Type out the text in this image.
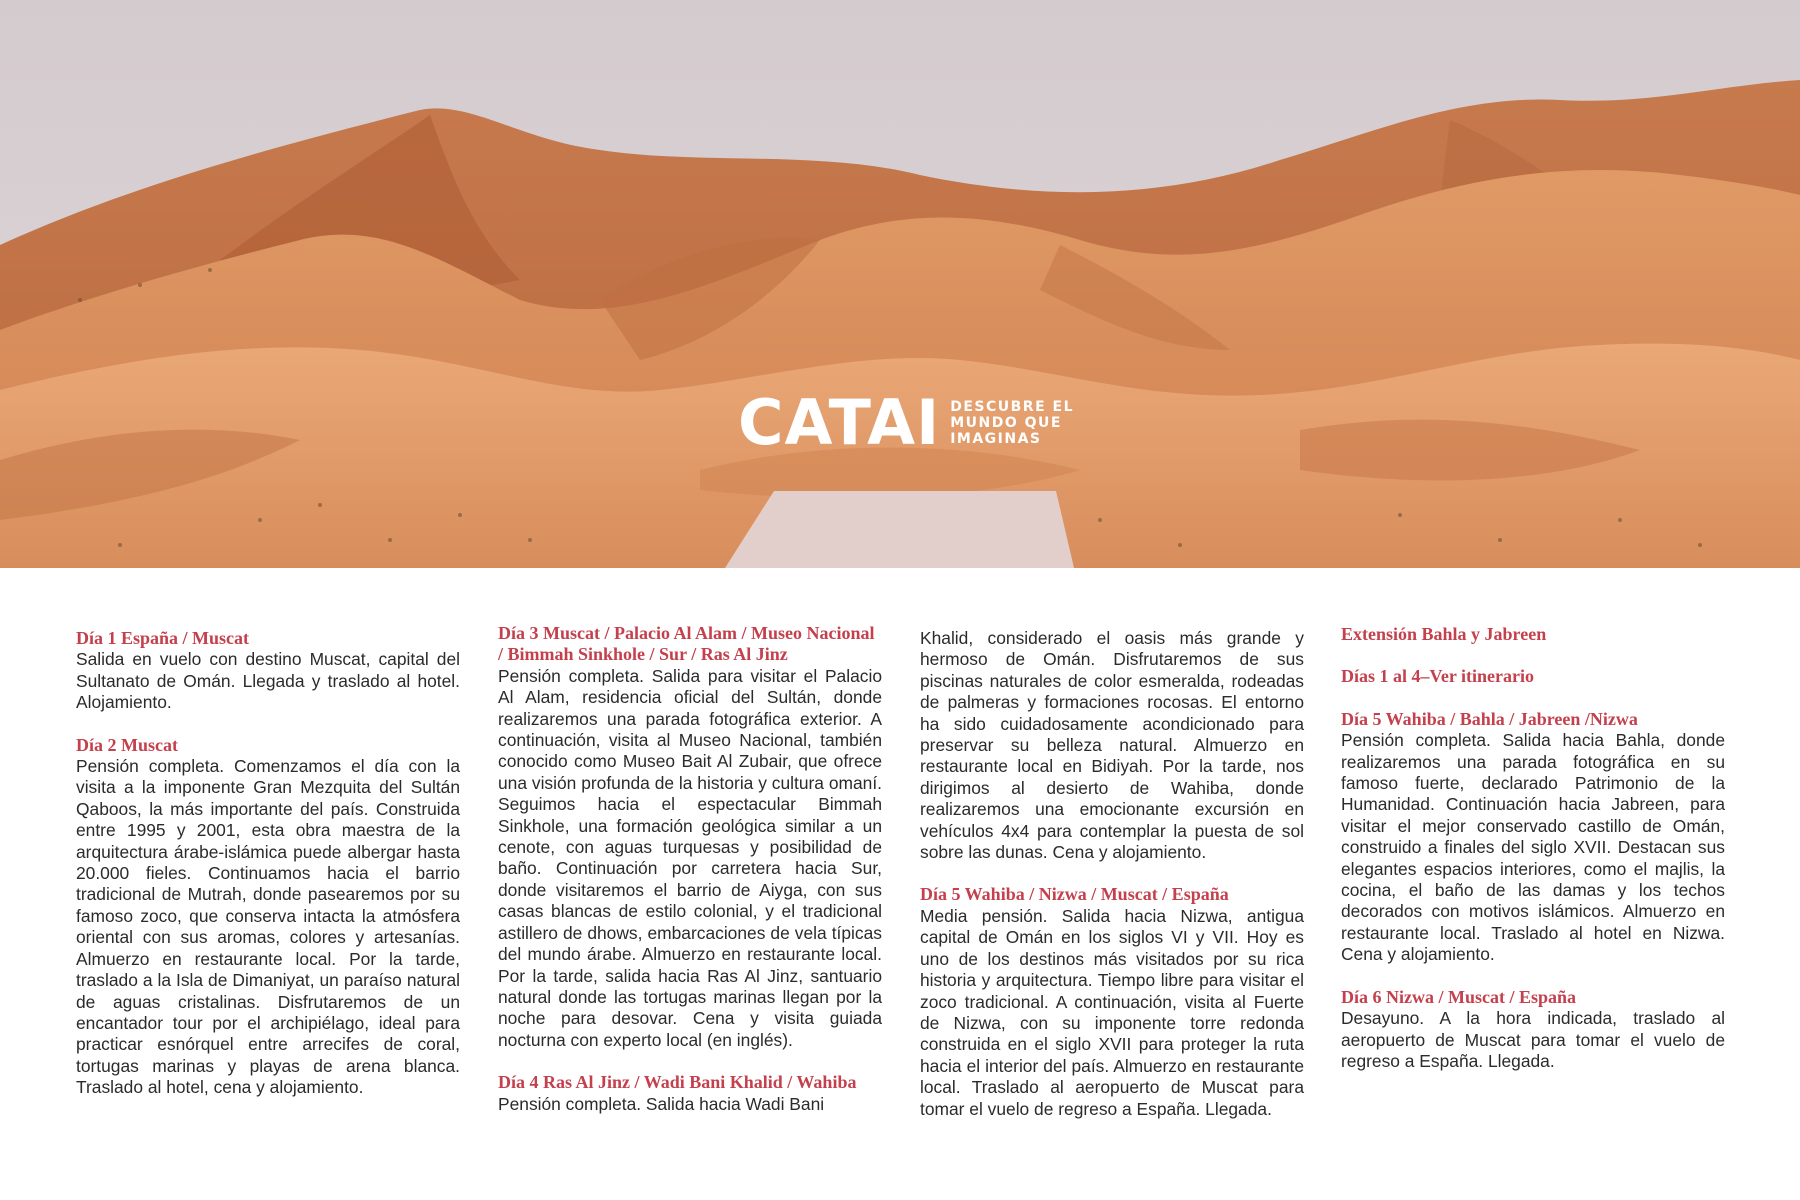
CATAI DESCUBRE EL
MUNDO QUE
IMAGINAS
Día 1 España / Muscat
Salida en vuelo con destino Muscat, capital del Sultanato de Omán. Llegada y traslado al hotel. Alojamiento.
Día 2 Muscat
Pensión completa. Comenzamos el día con la visita a la imponente Gran Mezquita del Sultán Qaboos, la más importante del país. Construida entre 1995 y 2001, esta obra maestra de la arquitectura árabe-islámica puede albergar hasta 20.000 fieles. Continuamos hacia el barrio tradicional de Mutrah, donde pasearemos por su famoso zoco, que conserva intacta la atmósfera oriental con sus aromas, colores y artesanías. Almuerzo en restaurante local. Por la tarde, traslado a la Isla de Dimaniyat, un paraíso natural de aguas cristalinas. Disfrutaremos de un encantador tour por el archipiélago, ideal para practicar esnórquel entre arrecifes de coral, tortugas marinas y playas de arena blanca. Traslado al hotel, cena y alojamiento.
Día 3 Muscat / Palacio Al Alam / Museo Nacional / Bimmah Sinkhole / Sur / Ras Al Jinz
Pensión completa. Salida para visitar el Palacio Al Alam, residencia oficial del Sultán, donde realizaremos una parada fotográfica exterior. A continuación, visita al Museo Nacional, también conocido como Museo Bait Al Zubair, que ofrece una visión profunda de la historia y cultura omaní. Seguimos hacia el espectacular Bimmah Sinkhole, una formación geológica similar a un cenote, con aguas turquesas y posibilidad de baño. Continuación por carretera hacia Sur, donde visitaremos el barrio de Aiyga, con sus casas blancas de estilo colonial, y el tradicional astillero de dhows, embarcaciones de vela típicas del mundo árabe. Almuerzo en restaurante local. Por la tarde, salida hacia Ras Al Jinz, santuario natural donde las tortugas marinas llegan por la noche para desovar. Cena y visita guiada nocturna con experto local (en inglés).
Día 4 Ras Al Jinz / Wadi Bani Khalid / Wahiba
Pensión completa. Salida hacia Wadi Bani
Khalid, considerado el oasis más grande y hermoso de Omán. Disfrutaremos de sus piscinas naturales de color esmeralda, rodeadas de palmeras y formaciones rocosas. El entorno ha sido cuidadosamente acondicionado para preservar su belleza natural. Almuerzo en restaurante local en Bidiyah. Por la tarde, nos dirigimos al desierto de Wahiba, donde realizaremos una emocionante excursión en vehículos 4x4 para contemplar la puesta de sol sobre las dunas. Cena y alojamiento.
Día 5 Wahiba / Nizwa / Muscat / España
Media pensión. Salida hacia Nizwa, antigua capital de Omán en los siglos VI y VII. Hoy es uno de los destinos más visitados por su rica historia y arquitectura. Tiempo libre para visitar el zoco tradicional. A continuación, visita al Fuerte de Nizwa, con su imponente torre redonda construida en el siglo XVII para proteger la ruta hacia el interior del país. Almuerzo en restaurante local. Traslado al aeropuerto de Muscat para tomar el vuelo de regreso a España. Llegada.
Extensión Bahla y Jabreen
Días 1 al 4–Ver itinerario
Día 5 Wahiba / Bahla / Jabreen /Nizwa
Pensión completa. Salida hacia Bahla, donde realizaremos una parada fotográfica en su famoso fuerte, declarado Patrimonio de la Humanidad. Continuación hacia Jabreen, para visitar el mejor conservado castillo de Omán, construido a finales del siglo XVII. Destacan sus elegantes espacios interiores, como el majlis, la cocina, el baño de las damas y los techos decorados con motivos islámicos. Almuerzo en restaurante local. Traslado al hotel en Nizwa. Cena y alojamiento.
Día 6 Nizwa / Muscat / España
Desayuno. A la hora indicada, traslado al aeropuerto de Muscat para tomar el vuelo de regreso a España. Llegada.
